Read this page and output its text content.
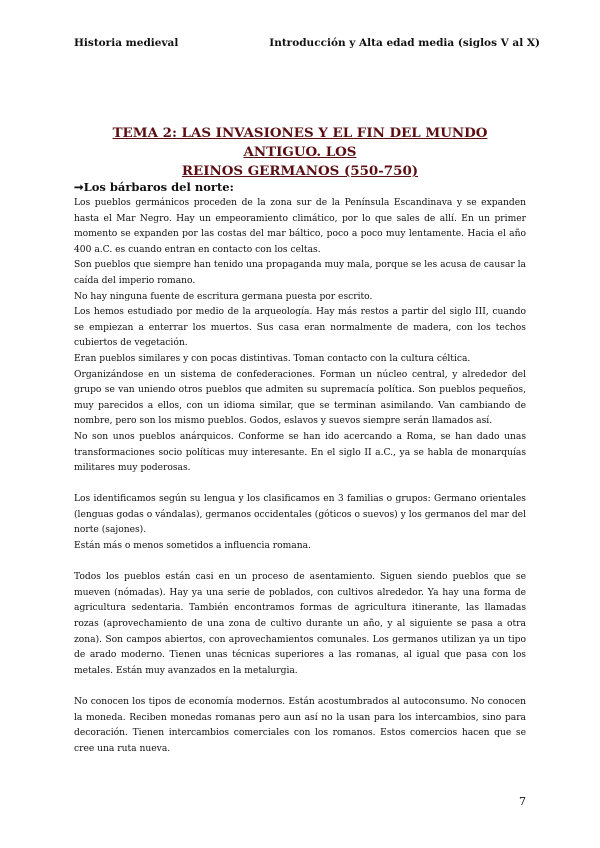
Historia medieval	Introducción y Alta edad media (siglos V al X)
TEMA 2: LAS INVASIONES Y EL FIN DEL MUNDO ANTIGUO. LOS
REINOS GERMANOS (550-750)
➞Los bárbaros del norte:

Los pueblos germánicos proceden de la zona sur de la Península Escandinava y se expanden hasta el Mar Negro. Hay un empeoramiento climático, por lo que sales de allí. En un primer momento se expanden por las costas del mar báltico, poco a poco muy lentamente. Hacia el año 400 a.C. es cuando entran en contacto con los celtas.

Son pueblos que siempre han tenido una propaganda muy mala, porque se les acusa de causar la caída del imperio romano.

No hay ninguna fuente de escritura germana puesta por escrito.

Los hemos estudiado por medio de la arqueología. Hay más restos a partir del siglo III, cuando se empiezan a enterrar los muertos. Sus casa eran normalmente de madera, con los techos cubiertos de vegetación.

Eran pueblos similares y con pocas distintivas. Toman contacto con la cultura céltica.

Organizándose en un sistema de confederaciones. Forman un núcleo central, y alrededor del grupo se van uniendo otros pueblos que admiten su supremacía política. Son pueblos pequeños, muy parecidos a ellos, con un idioma similar, que se terminan asimilando. Van cambiando de nombre, pero son los mismo pueblos. Godos, eslavos y suevos siempre serán llamados así.

No son unos pueblos anárquicos. Conforme se han ido acercando a Roma, se han dado unas transformaciones socio políticas muy interesante. En el siglo II a.C., ya se habla de monarquías militares muy poderosas.

Los identificamos según su lengua y los clasificamos en 3 familias o grupos: Germano orientales (lenguas godas o vándalas), germanos occidentales (góticos o suevos) y los germanos del mar del norte (sajones).

Están más o menos sometidos a influencia romana.

Todos los pueblos están casi en un proceso de asentamiento. Siguen siendo pueblos que se mueven (nómadas). Hay ya una serie de poblados, con cultivos alrededor. Ya hay una forma de agricultura sedentaria. También encontramos formas de agricultura itinerante, las llamadas rozas (aprovechamiento de una zona de cultivo durante un año, y al siguiente se pasa a otra zona). Son campos abiertos, con aprovechamientos comunales. Los germanos utilizan ya un tipo de arado moderno. Tienen unas técnicas superiores a las romanas, al igual que pasa con los metales. Están muy avanzados en la metalurgia.

No conocen los tipos de economía modernos. Están acostumbrados al autoconsumo. No conocen la moneda. Reciben monedas romanas pero aun así no la usan para los intercambios, sino para decoración. Tienen intercambios comerciales con los romanos. Estos comercios hacen que se cree una ruta nueva.

7
